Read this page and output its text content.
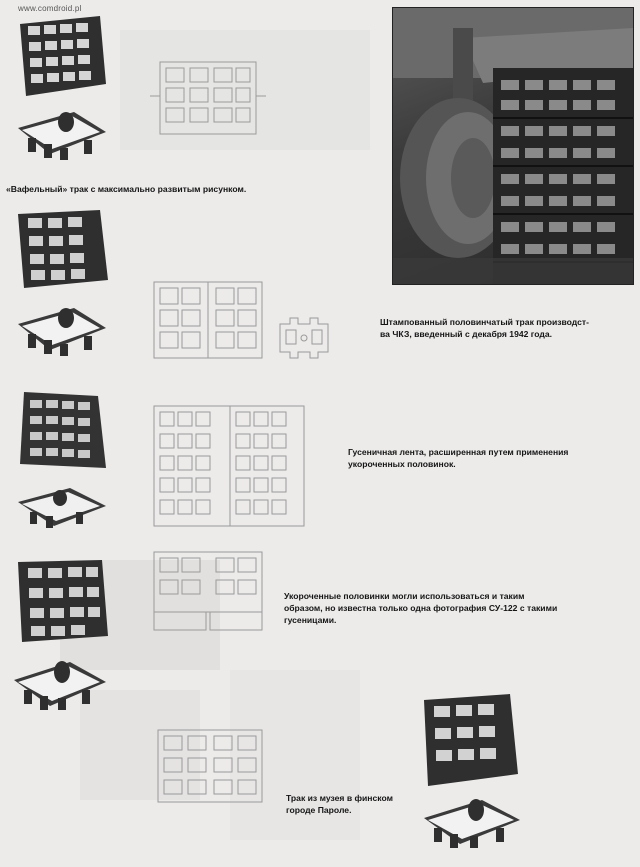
www.comdroid.pl
«Вафельный» трак с максимально развитым рисунком.
Штампованный половинчатый трак производст-
ва ЧКЗ, введенный с декабря 1942 года.
Гусеничная лента, расширенная путем применения укороченных половинок.
Укороченные половинки могли использоваться и таким образом, но известна только одна фотография СУ-122 с такими гусеницами.
Трак из музея в финском городе Пароле.
